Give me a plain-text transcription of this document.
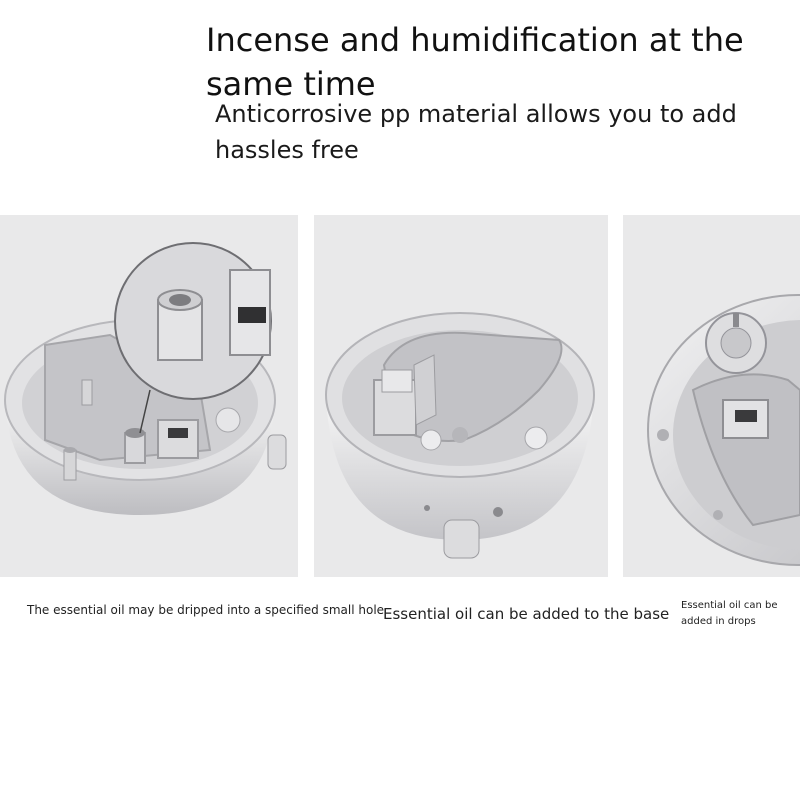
Incense and humidification at the same time

Anticorrosive pp material allows you to add hassles free

The essential oil may be dripped into a specified small hole

Essential oil can be added to the base Essential oil can be added in drops
